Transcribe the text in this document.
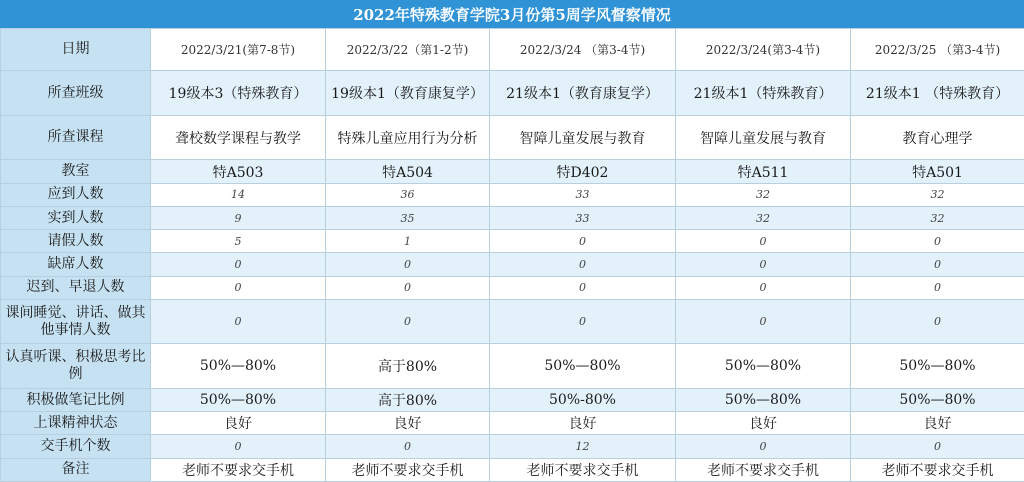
2022年特殊教育学院3月份第5周学风督察情况
日期	2022/3/21(第7-8节)	2022/3/22（第1-2节)	2022/3/24 （第3-4节)	2022/3/24(第3-4节)	2022/3/25 （第3-4节)
所查班级	19级本3（特殊教育）	19级本1（教育康复学）	21级本1（教育康复学）	21级本1（特殊教育）	21级本1 （特殊教育）
所查课程	聋校数学课程与教学	特殊儿童应用行为分析	智障儿童发展与教育	智障儿童发展与教育	教育心理学
教室	特A503	特A504	特D402	特A511	特A501
应到人数	14	36	33	32	32
实到人数	9	35	33	32	32
请假人数	5	1	0	0	0
缺席人数	0	0	0	0	0
迟到、早退人数	0	0	0	0	0
课间睡觉、讲话、做其他事情人数	0	0	0	0	0
认真听课、积极思考比例	50%—80%	高于80%	50%—80%	50%—80%	50%—80%
积极做笔记比例	50%—80%	高于80%	50%-80%	50%—80%	50%—80%
上课精神状态	良好	良好	良好	良好	良好
交手机个数	0	0	12	0	0
备注	老师不要求交手机	老师不要求交手机	老师不要求交手机	老师不要求交手机	老师不要求交手机
